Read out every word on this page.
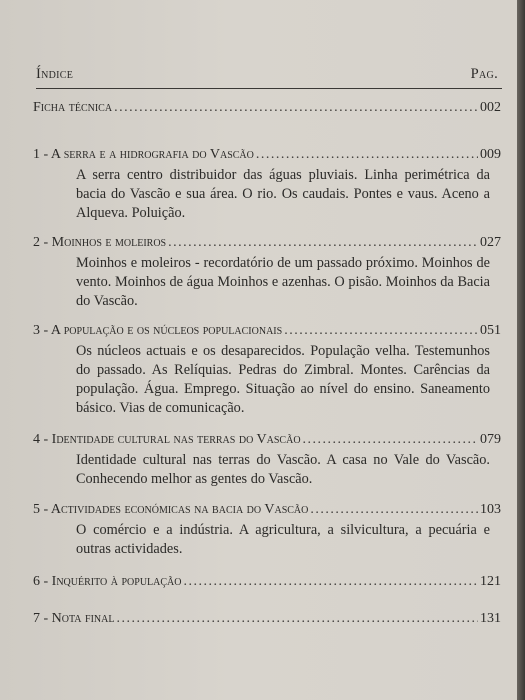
Índice	Pag.
Ficha técnica .....	002
1 - A serra e a hidrografia do Vascão .....	009
A serra centro distribuidor das águas pluviais. Linha perimétrica da bacia do Vascão e sua área. O rio. Os caudais. Pontes e vaus. Aceno a Alqueva. Poluição.
2 - Moinhos e moleiros .....	027
Moinhos e moleiros - recordatório de um passado próximo. Moinhos de vento. Moinhos de água Moinhos e azenhas. O pisão. Moinhos da Bacia do Vascão.
3 - A população e os núcleos populacionais .....	051
Os núcleos actuais e os desaparecidos. População velha. Testemunhos do passado. As Relíquias. Pedras do Zimbral. Montes. Carências da população. Água. Emprego. Situação ao nível do ensino. Saneamento básico. Vias de comunicação.
4 - Identidade cultural nas terras do Vascão .....	079
Identidade cultural nas terras do Vascão. A casa no Vale do Vascão. Conhecendo melhor as gentes do Vascão.
5 - Actividades económicas na bacia do Vascão .....	103
O comércio e a indústria. A agricultura, a silvicultura, a pecuária e outras actividades.
6 - Inquérito à população .....	121
7 - Nota final .....	131
